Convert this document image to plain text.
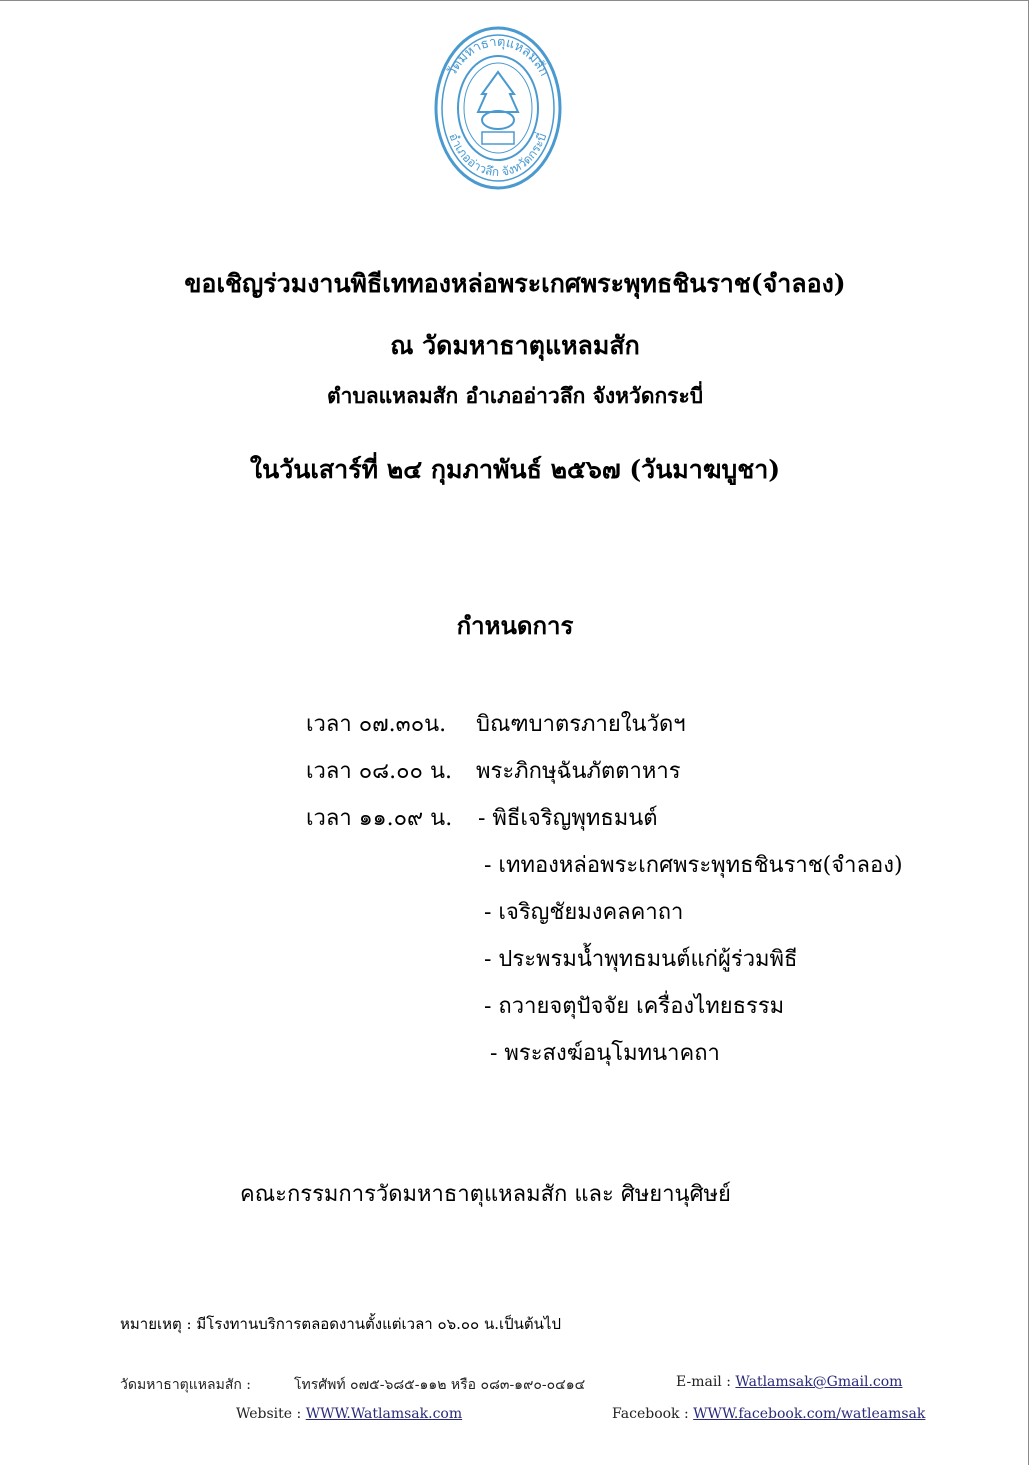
วัดมหาธาตุแหลมสัก
อำเภออ่าวลึก จังหวัดกระบี่
ขอเชิญร่วมงานพิธีเททองหล่อพระเกศพระพุทธชินราช(จำลอง)
ณ วัดมหาธาตุแหลมสัก
ตำบลแหลมสัก อำเภออ่าวลึก จังหวัดกระบี่
ในวันเสาร์ที่ ๒๔ กุมภาพันธ์ ๒๕๖๗ (วันมาฆบูชา)
กำหนดการ
เวลา ๐๗.๓๐น. บิณฑบาตรภายในวัดฯ
เวลา ๐๘.๐๐ น. พระภิกษุฉันภัตตาหาร
เวลา ๑๑.๐๙ น. - พิธีเจริญพุทธมนต์
- เททองหล่อพระเกศพระพุทธชินราช(จำลอง)
- เจริญชัยมงคลคาถา
- ประพรมน้ำพุทธมนต์แก่ผู้ร่วมพิธี
- ถวายจตุปัจจัย เครื่องไทยธรรม
- พระสงฆ์อนุโมทนาคถา
คณะกรรมการวัดมหาธาตุแหลมสัก และ ศิษยานุศิษย์
หมายเหตุ : มีโรงทานบริการตลอดงานตั้งแต่เวลา ๐๖.๐๐ น.เป็นต้นไป
วัดมหาธาตุแหลมสัก :	โทรศัพท์ ๐๗๕-๖๘๕-๑๑๒ หรือ ๐๘๓-๑๙๐-๐๔๑๔	E-mail : Watlamsak@Gmail.com
Website : WWW.Watlamsak.com	Facebook : WWW.facebook.com/watleamsak
